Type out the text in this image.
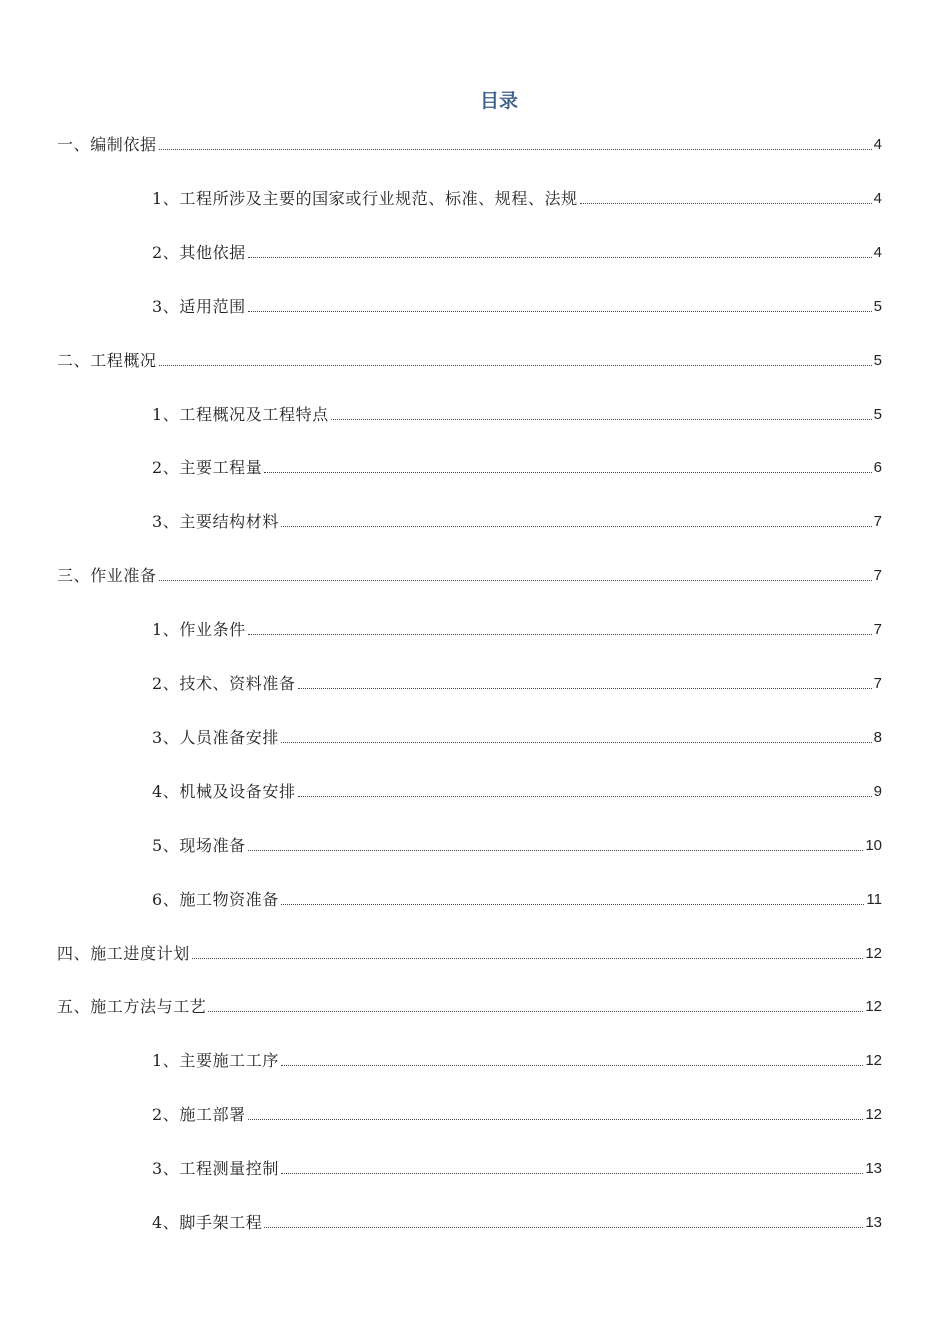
目录
一、编制依据	4
1、工程所涉及主要的国家或行业规范、标准、规程、法规	4
2、其他依据	4
3、适用范围	5
二、工程概况	5
1、工程概况及工程特点	5
2、主要工程量	6
3、主要结构材料	7
三、作业准备	7
1、作业条件	7
2、技术、资料准备	7
3、人员准备安排	8
4、机械及设备安排	9
5、现场准备	10
6、施工物资准备	11
四、施工进度计划	12
五、施工方法与工艺	12
1、主要施工工序	12
2、施工部署	12
3、工程测量控制	13
4、脚手架工程	13
